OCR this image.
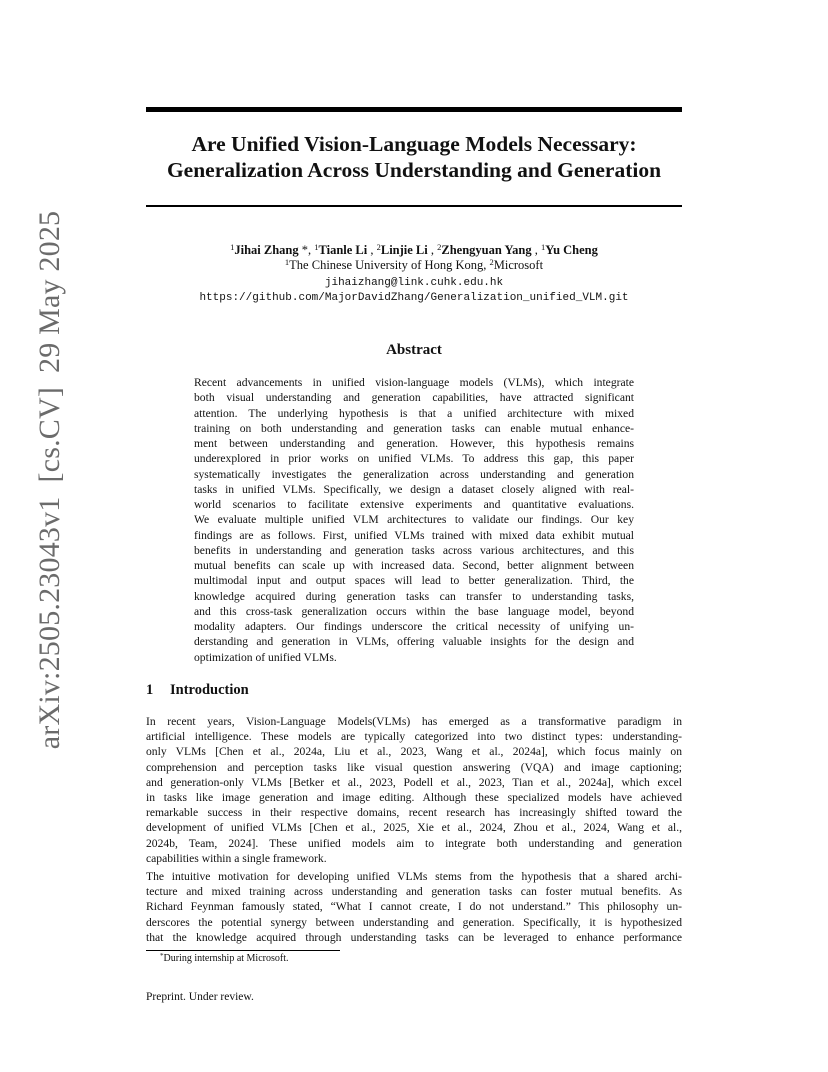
arXiv:2505.23043v1[cs.CV]29 May 2025
Are Unified Vision-Language Models Necessary:
Generalization Across Understanding and Generation
$^1$Jihai Zhang *, $^1$Tianle Li , $^2$Linjie Li , $^2$Zhengyuan Yang , $^1$Yu Cheng
$^1$The Chinese University of Hong Kong, $^2$Microsoft
jihaizhang@link.cuhk.edu.hk
https://github.com/MajorDavidZhang/Generalization_unified_VLM.git
Abstract
Recent advancements in unified vision-language models (VLMs), which integrate
both visual understanding and generation capabilities, have attracted significant
attention. The underlying hypothesis is that a unified architecture with mixed
training on both understanding and generation tasks can enable mutual enhance-
ment between understanding and generation. However, this hypothesis remains
underexplored in prior works on unified VLMs. To address this gap, this paper
systematically investigates the generalization across understanding and generation
tasks in unified VLMs. Specifically, we design a dataset closely aligned with real-
world scenarios to facilitate extensive experiments and quantitative evaluations.
We evaluate multiple unified VLM architectures to validate our findings. Our key
findings are as follows. First, unified VLMs trained with mixed data exhibit mutual
benefits in understanding and generation tasks across various architectures, and this
mutual benefits can scale up with increased data. Second, better alignment between
multimodal input and output spaces will lead to better generalization. Third, the
knowledge acquired during generation tasks can transfer to understanding tasks,
and this cross-task generalization occurs within the base language model, beyond
modality adapters. Our findings underscore the critical necessity of unifying un-
derstanding and generation in VLMs, offering valuable insights for the design and
optimization of unified VLMs.
1 Introduction
In recent years, Vision-Language Models(VLMs) has emerged as a transformative paradigm in
artificial intelligence. These models are typically categorized into two distinct types: understanding-
only VLMs [Chen et al., 2024a, Liu et al., 2023, Wang et al., 2024a], which focus mainly on
comprehension and perception tasks like visual question answering (VQA) and image captioning;
and generation-only VLMs [Betker et al., 2023, Podell et al., 2023, Tian et al., 2024a], which excel
in tasks like image generation and image editing. Although these specialized models have achieved
remarkable success in their respective domains, recent research has increasingly shifted toward the
development of unified VLMs [Chen et al., 2025, Xie et al., 2024, Zhou et al., 2024, Wang et al.,
2024b, Team, 2024]. These unified models aim to integrate both understanding and generation
capabilities within a single framework.
The intuitive motivation for developing unified VLMs stems from the hypothesis that a shared archi-
tecture and mixed training across understanding and generation tasks can foster mutual benefits. As
Richard Feynman famously stated, “What I cannot create, I do not understand.” This philosophy un-
derscores the potential synergy between understanding and generation. Specifically, it is hypothesized
that the knowledge acquired through understanding tasks can be leveraged to enhance performance
*During internship at Microsoft.
Preprint. Under review.
